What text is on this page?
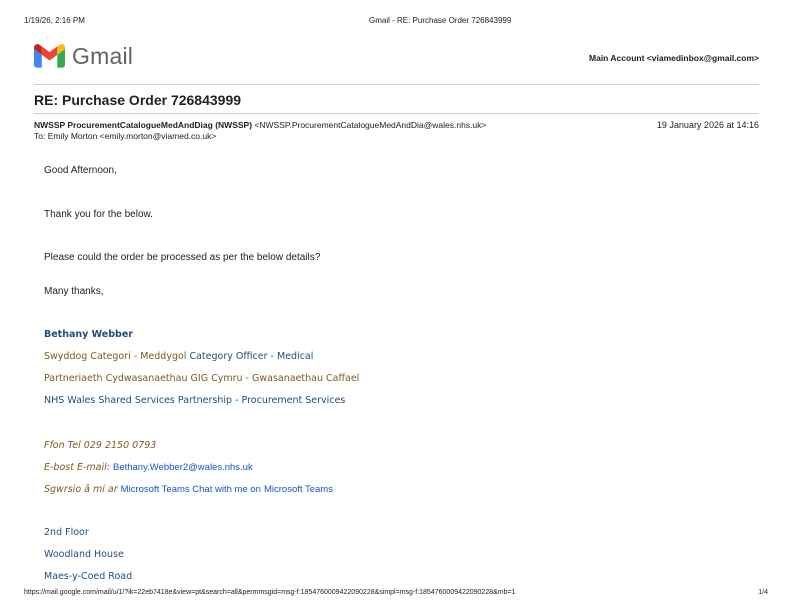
1/19/26, 2:16 PM	Gmail - RE: Purchase Order 726843999
Gmail	Main Account <viamedinbox@gmail.com>
RE: Purchase Order 726843999
NWSSP ProcurementCatalogueMedAndDiag (NWSSP) <NWSSP.ProcurementCatalogueMedAndDia@wales.nhs.uk>
To: Emily Morton <emily.morton@viamed.co.uk>
19 January 2026 at 14:16
Good Afternoon,
Thank you for the below.
Please could the order be processed as per the below details?
Many thanks,
Bethany Webber
Swyddog Categori - Meddygol Category Officer - Medical
Partneriaeth Cydwasanaethau GIG Cymru - Gwasanaethau Caffael
NHS Wales Shared Services Partnership - Procurement Services
Ffon Tel 029 2150 0793
E-bost E-mail: Bethany.Webber2@wales.nhs.uk
Sgwrsio â mi ar Microsoft Teams Chat with me on Microsoft Teams
2nd Floor
Woodland House
Maes-y-Coed Road
https://mail.google.com/mail/u/1/?ik=22eb7418e&view=pt&search=all&permmsgid=msg-f:1854760009422090228&simpl=msg-f:1854760009422090228&mb=1	1/4
